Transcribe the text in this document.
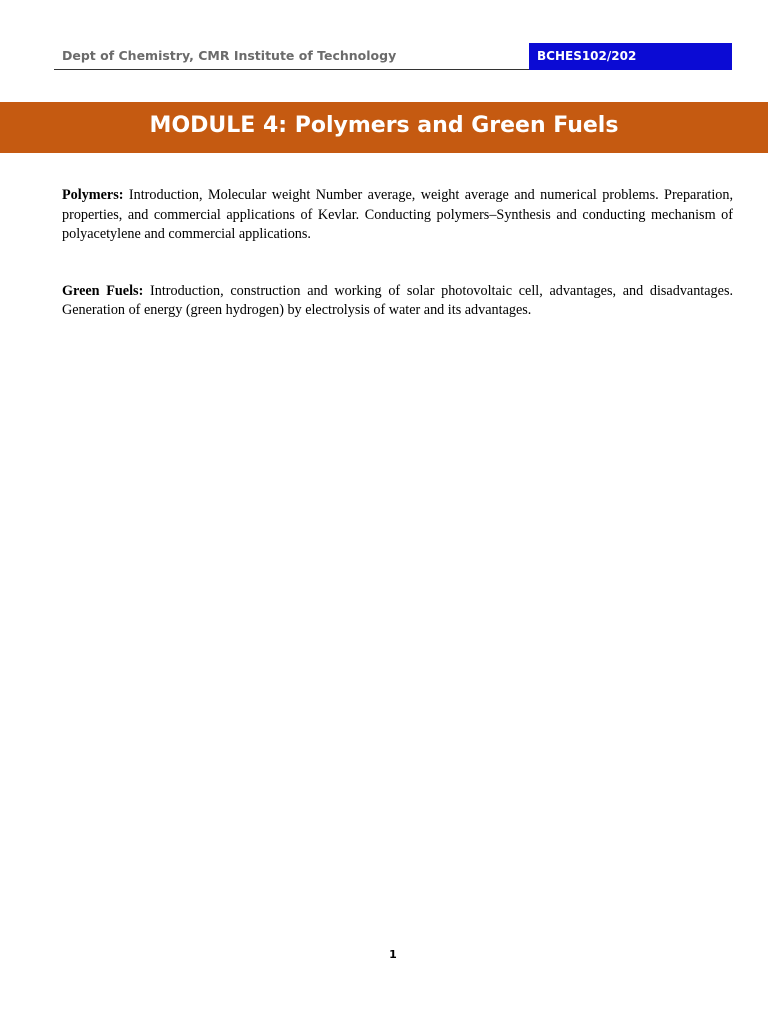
Dept of Chemistry, CMR Institute of Technology	BCHES102/202
MODULE 4: Polymers and Green Fuels

Polymers: Introduction, Molecular weight Number average, weight average and numerical problems. Preparation, properties, and commercial applications of Kevlar. Conducting polymers–Synthesis and conducting mechanism of polyacetylene and commercial applications.

Green Fuels: Introduction, construction and working of solar photovoltaic cell, advantages, and disadvantages. Generation of energy (green hydrogen) by electrolysis of water and its advantages.

1
